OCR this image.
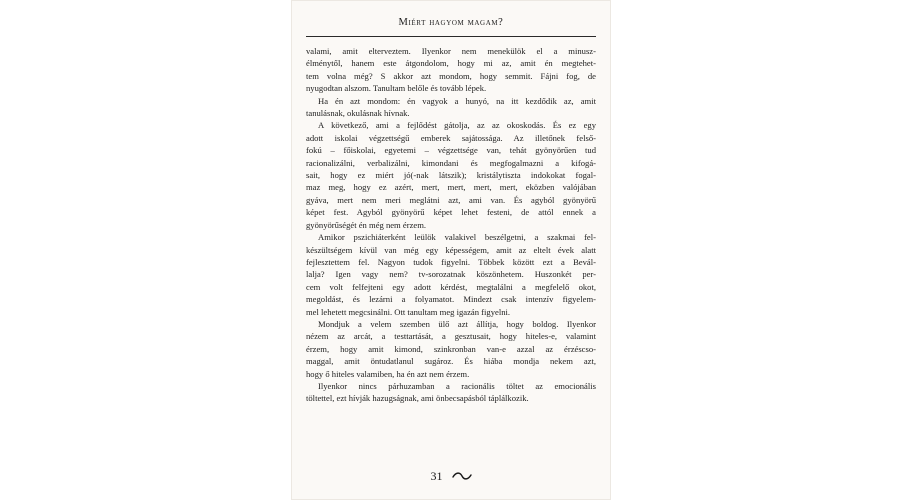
Miért hagyom magam?
valami, amit elterveztem. Ilyenkor nem menekülök el a minusz-
élménytől, hanem este átgondolom, hogy mi az, amit én megtehet-
tem volna még? S akkor azt mondom, hogy semmit. Fájni fog, de
nyugodtan alszom. Tanultam belőle és tovább lépek.
Ha én azt mondom: én vagyok a hunyó, na itt kezdődik az, amit
tanulásnak, okulásnak hívnak.
A következő, ami a fejlődést gátolja, az az okoskodás. És ez egy
adott iskolai végzettségű emberek sajátossága. Az illetőnek felső-
fokú – főiskolai, egyetemi – végzettsége van, tehát gyönyörűen tud
racionalizálni, verbalizálni, kimondani és megfogalmazni a kifogá-
sait, hogy ez miért jó(-nak látszik); kristálytiszta indokokat fogal-
maz meg, hogy ez azért, mert, mert, mert, mert, eközben valójában
gyáva, mert nem meri meglátni azt, ami van. És agyból gyönyörű
képet fest. Agyból gyönyörű képet lehet festeni, de attól ennek a
gyönyörűségét én még nem érzem.
Amikor pszichiáterként leülök valakivel beszélgetni, a szakmai fel-
készültségem kívül van még egy képességem, amit az eltelt évek alatt
fejlesztettem fel. Nagyon tudok figyelni. Többek között ezt a Bevál-
lalja? Igen vagy nem? tv-sorozatnak köszönhetem. Huszonkét per-
cem volt felfejteni egy adott kérdést, megtalálni a megfelelő okot,
megoldást, és lezárni a folyamatot. Mindezt csak intenzív figyelem-
mel lehetett megcsinálni. Ott tanultam meg igazán figyelni.
Mondjuk a velem szemben ülő azt állítja, hogy boldog. Ilyenkor
nézem az arcát, a testtartását, a gesztusait, hogy hiteles-e, valamint
érzem, hogy amit kimond, szinkronban van-e azzal az érzéscso-
maggal, amit öntudatlanul sugároz. És hiába mondja nekem azt,
hogy ő hiteles valamiben, ha én azt nem érzem.
Ilyenkor nincs párhuzamban a racionális töltet az emocionális
töltettel, ezt hívják hazugságnak, ami önbecsapásból táplálkozik.
31
